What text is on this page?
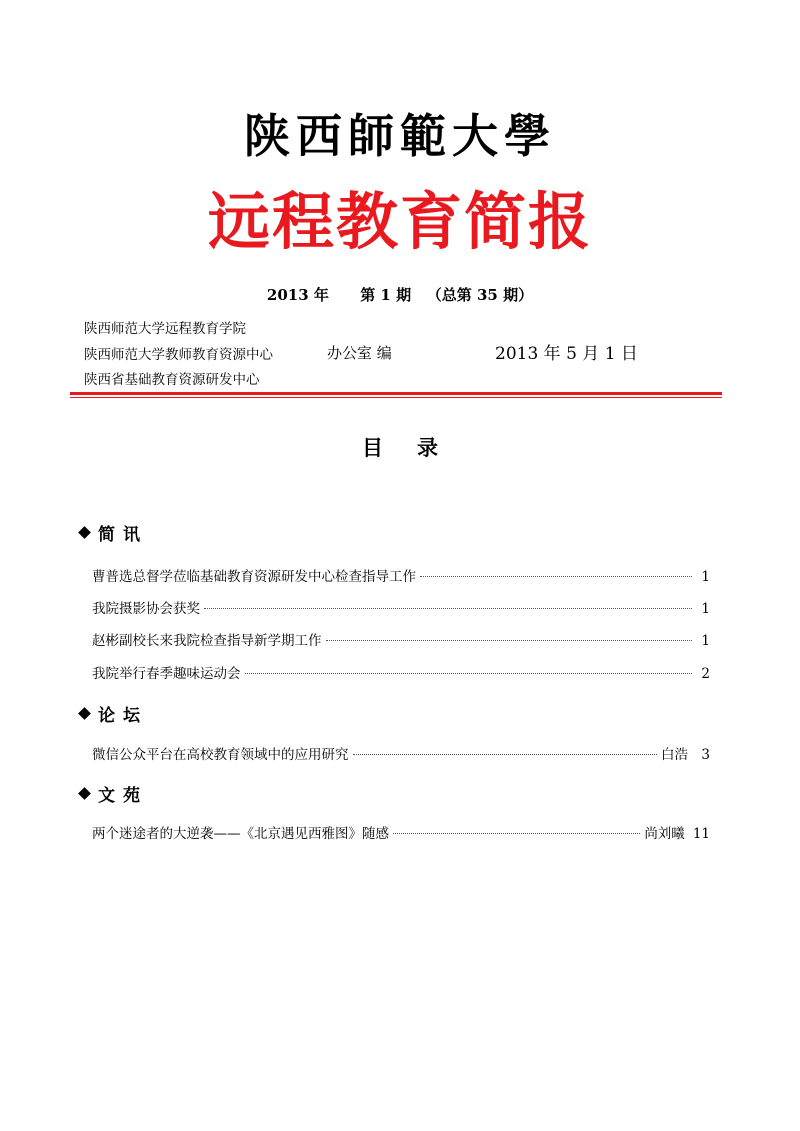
陕西師範大學
远程教育简报
2013 年      第 1 期   （总第 35 期）
陕西师范大学远程教育学院
陕西师范大学教师教育资源中心
陕西省基础教育资源研发中心
办公室 编	2013 年 5 月 1 日
目录
简讯
曹普选总督学莅临基础教育资源研发中心检查指导工作	1
我院摄影协会获奖	1
赵彬副校长来我院检查指导新学期工作	1
我院举行春季趣味运动会	2
论坛
微信公众平台在高校教育领域中的应用研究	白浩 3
文苑
两个迷途者的大逆袭——《北京遇见西雅图》随感	尚刘曦 11
